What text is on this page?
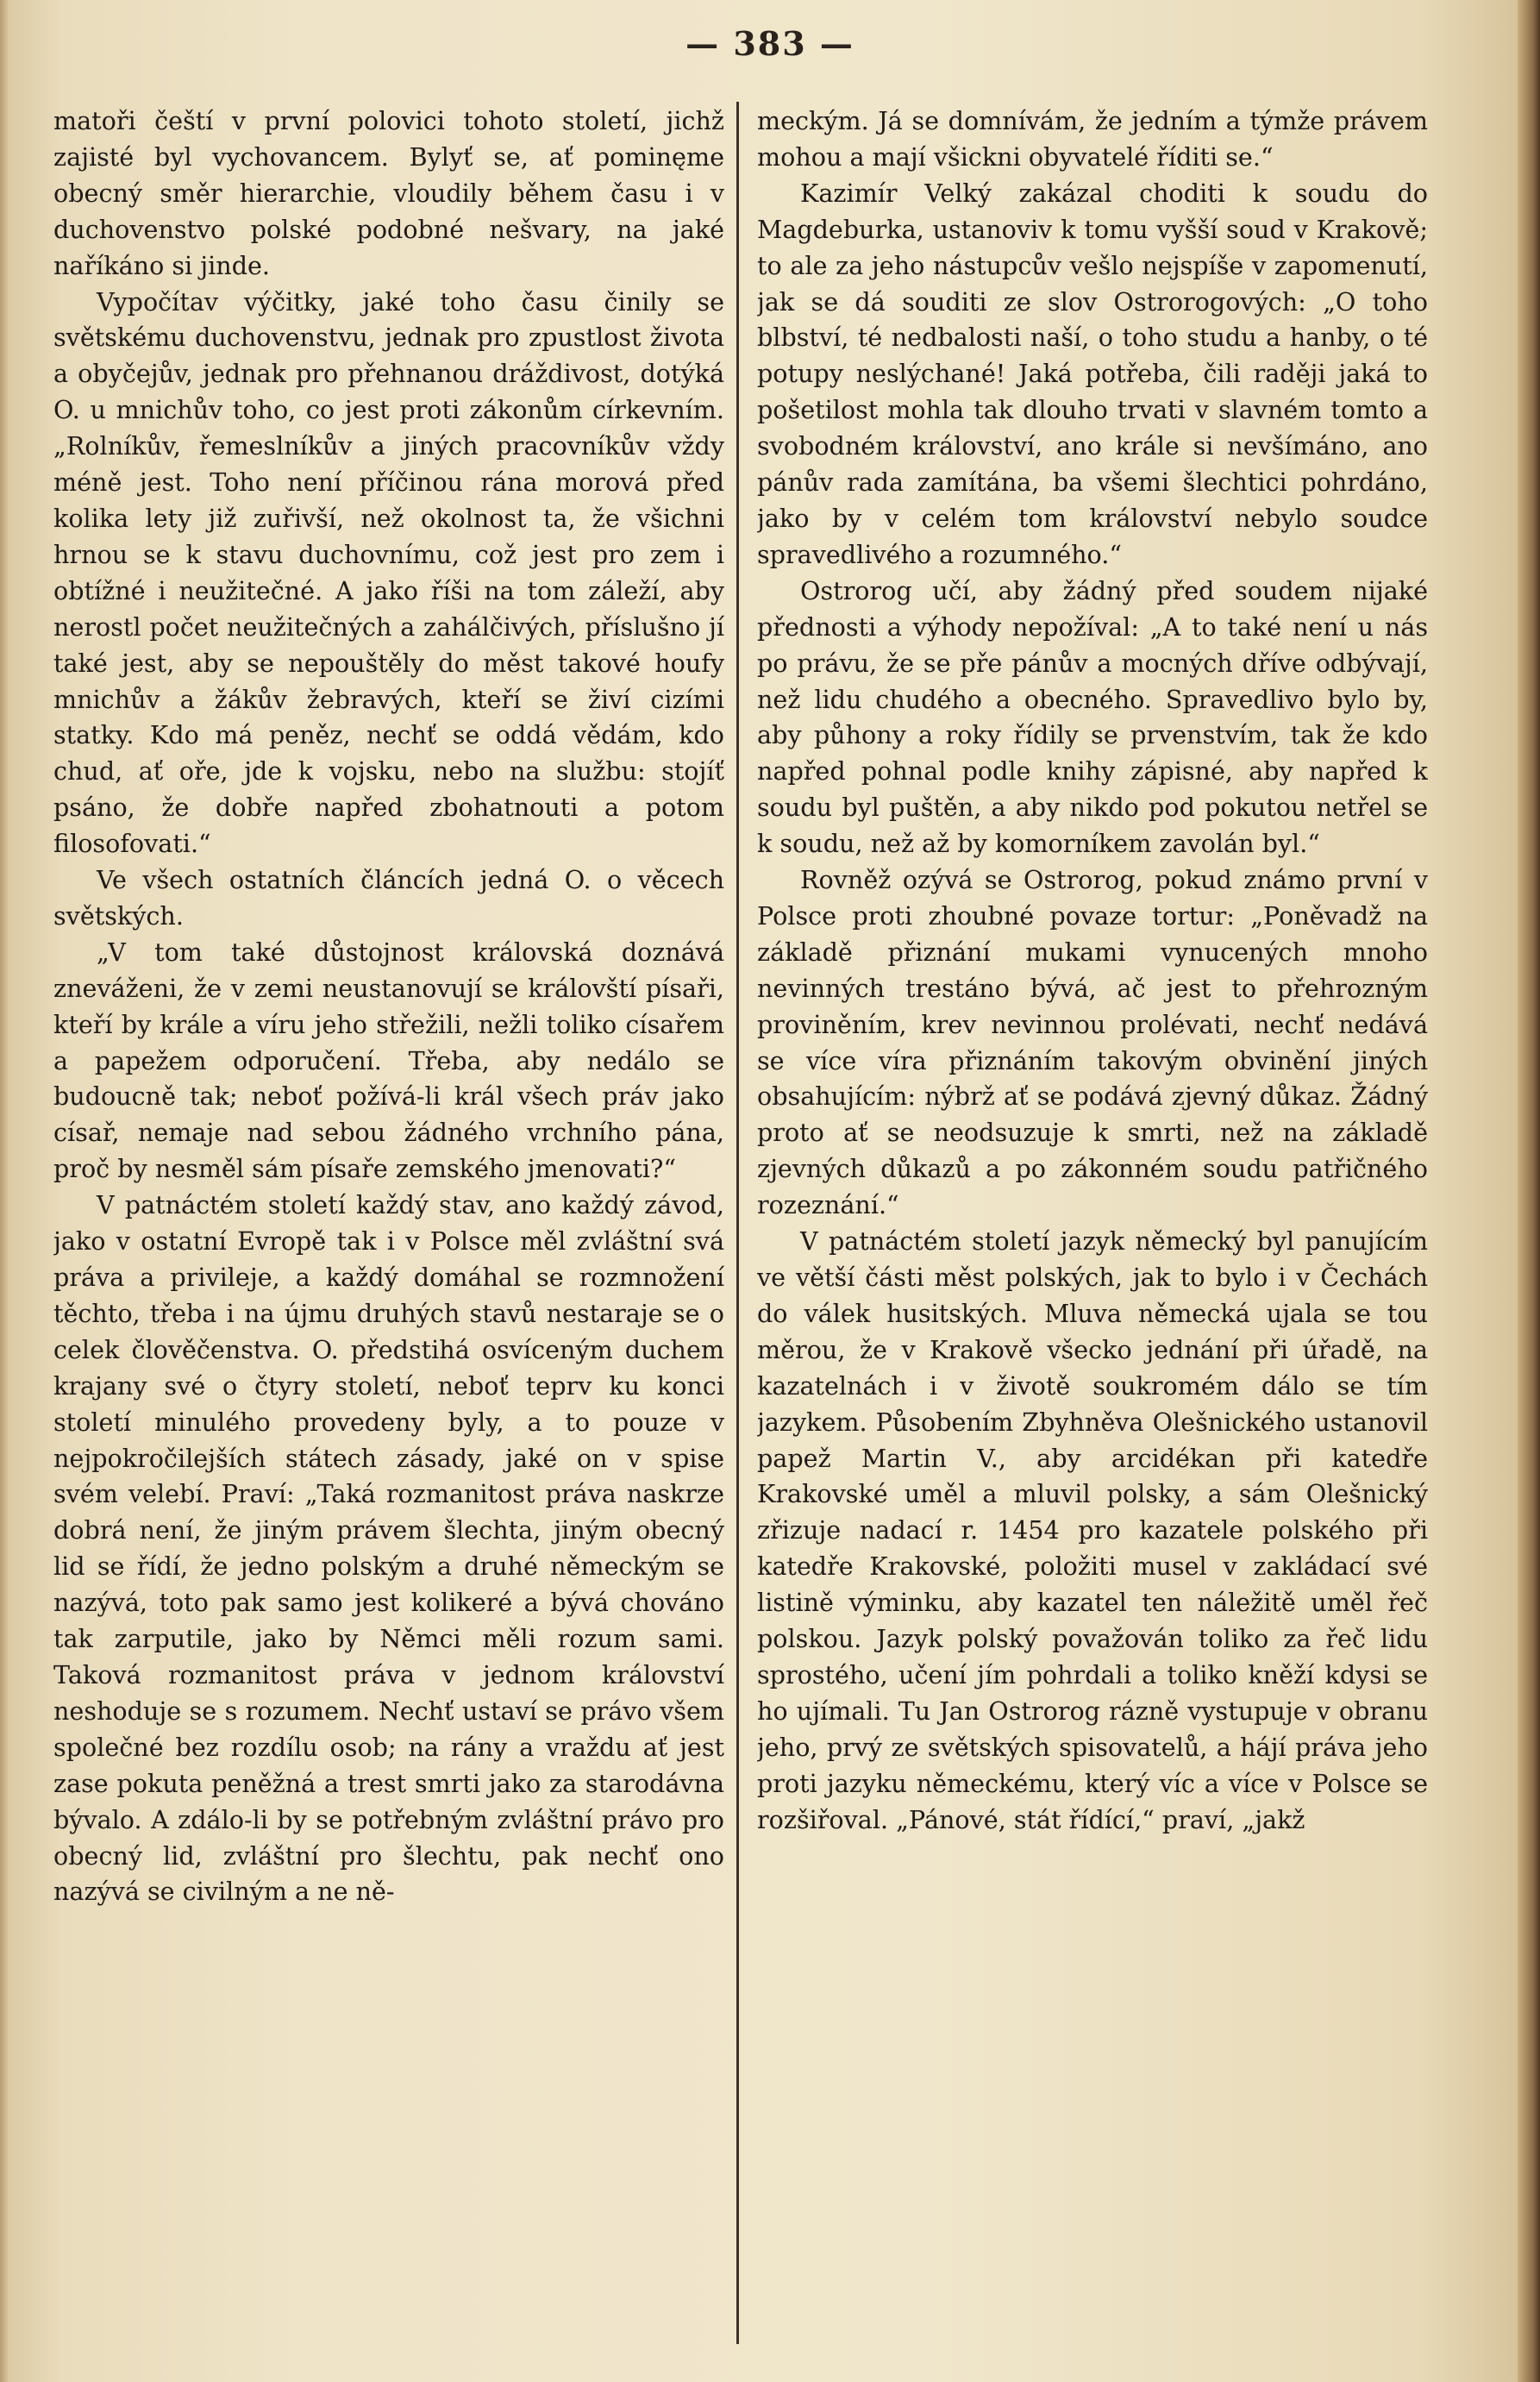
— 383 —

matoři čeští v první polovici tohoto století, jichž zajisté byl vychovancem. Bylyť se, ať pominęme obecný směr hierarchie, vloudily během času i v duchovenstvo polské podobné nešvary, na jaké naříkáno si jinde.

Vypočítav výčitky, jaké toho času činily se světskému duchovenstvu, jednak pro zpustlost života a obyčejův, jednak pro přehnanou dráždivost, dotýká O. u mnichův toho, co jest proti zákonům církevním. „Rolníkův, řemeslníkův a jiných pracovníkův vždy méně jest. Toho není příčinou rána morová před kolika lety již zuřivší, než okolnost ta, že všichni hrnou se k stavu duchovnímu, což jest pro zem i obtížné i neužitečné. A jako říši na tom záleží, aby nerostl počet neužitečných a zahálčivých, příslušno jí také jest, aby se nepouštěly do měst takové houfy mnichův a žákův žebravých, kteří se živí cizími statky. Kdo má peněz, nechť se oddá vědám, kdo chud, ať oře, jde k vojsku, nebo na službu: stojíť psáno, že dobře napřed zbohatnouti a potom filosofovati.“

Ve všech ostatních článcích jedná O. o věcech světských.

„V tom také důstojnost královská doznává zneváženi, že v zemi neustanovují se královští písaři, kteří by krále a víru jeho střežili, nežli toliko císařem a papežem odporučení. Třeba, aby nedálo se budoucně tak; neboť požívá-li král všech práv jako císař, nemaje nad sebou žádného vrchního pána, proč by nesměl sám písaře zemského jmenovati?“

V patnáctém století každý stav, ano každý závod, jako v ostatní Evropě tak i v Polsce měl zvláštní svá práva a privileje, a každý domáhal se rozmnožení těchto, třeba i na újmu druhých stavů nestaraje se o celek člověčenstva. O. předstihá osvíceným duchem krajany své o čtyry století, neboť teprv ku konci století minulého provedeny byly, a to pouze v nejpokročilejších státech zásady, jaké on v spise svém velebí. Praví: „Taká rozmanitost práva naskrze dobrá není, že jiným právem šlechta, jiným obecný lid se řídí, že jedno polským a druhé německým se nazývá, toto pak samo jest kolikeré a bývá chováno tak zarputile, jako by Němci měli rozum sami. Taková rozmanitost práva v jednom království neshoduje se s rozumem. Nechť ustaví se právo všem společné bez rozdílu osob; na rány a vraždu ať jest zase pokuta peněžná a trest smrti jako za starodávna bývalo. A zdálo-li by se potřebným zvláštní právo pro obecný lid, zvláštní pro šlechtu, pak nechť ono nazývá se civilným a ne ně-

meckým. Já se domnívám, že jedním a týmže právem mohou a mají všickni obyvatelé říditi se.“

Kazimír Velký zakázal choditi k soudu do Magdeburka, ustanoviv k tomu vyšší soud v Krakově; to ale za jeho nástupcův vešlo nejspíše v zapomenutí, jak se dá souditi ze slov Ostrorogových: „O toho blbství, té nedbalosti naší, o toho studu a hanby, o té potupy neslýchané! Jaká potřeba, čili raději jaká to pošetilost mohla tak dlouho trvati v slavném tomto a svobodném království, ano krále si nevšímáno, ano pánův rada zamítána, ba všemi šlechtici pohrdáno, jako by v celém tom království nebylo soudce spravedlivého a rozumného.“

Ostrorog učí, aby žádný před soudem nijaké přednosti a výhody nepožíval: „A to také není u nás po právu, že se pře pánův a mocných dříve odbývají, než lidu chudého a obecného. Spravedlivo bylo by, aby půhony a roky řídily se prvenstvím, tak že kdo napřed pohnal podle knihy zápisné, aby napřed k soudu byl puštěn, a aby nikdo pod pokutou netřel se k soudu, než až by komorníkem zavolán byl.“

Rovněž ozývá se Ostrorog, pokud známo první v Polsce proti zhoubné povaze tortur: „Poněvadž na základě přiznání mukami vynucených mnoho nevinných trestáno bývá, ač jest to přehrozným proviněním, krev nevinnou prolévati, nechť nedává se více víra přiznáním takovým obvinění jiných obsahujícím: nýbrž ať se podává zjevný důkaz. Žádný proto ať se neodsuzuje k smrti, než na základě zjevných důkazů a po zákonném soudu patřičného rozeznání.“

V patnáctém století jazyk německý byl panujícím ve větší části měst polských, jak to bylo i v Čechách do válek husitských. Mluva německá ujala se tou měrou, že v Krakově všecko jednání při úřadě, na kazatelnách i v životě soukromém dálo se tím jazykem. Působením Zbyhněva Olešnického ustanovil papež Martin V., aby arcidékan při katedře Krakovské uměl a mluvil polsky, a sám Olešnický zřizuje nadací r. 1454 pro kazatele polského při katedře Krakovské, položiti musel v zakládací své listině výminku, aby kazatel ten náležitě uměl řeč polskou. Jazyk polský považován toliko za řeč lidu sprostého, učení jím pohrdali a toliko kněží kdysi se ho ujímali. Tu Jan Ostrorog rázně vystupuje v obranu jeho, prvý ze světských spisovatelů, a hájí práva jeho proti jazyku německému, který víc a více v Polsce se rozšiřoval. „Pánové, stát řídící,“ praví, „jakž
